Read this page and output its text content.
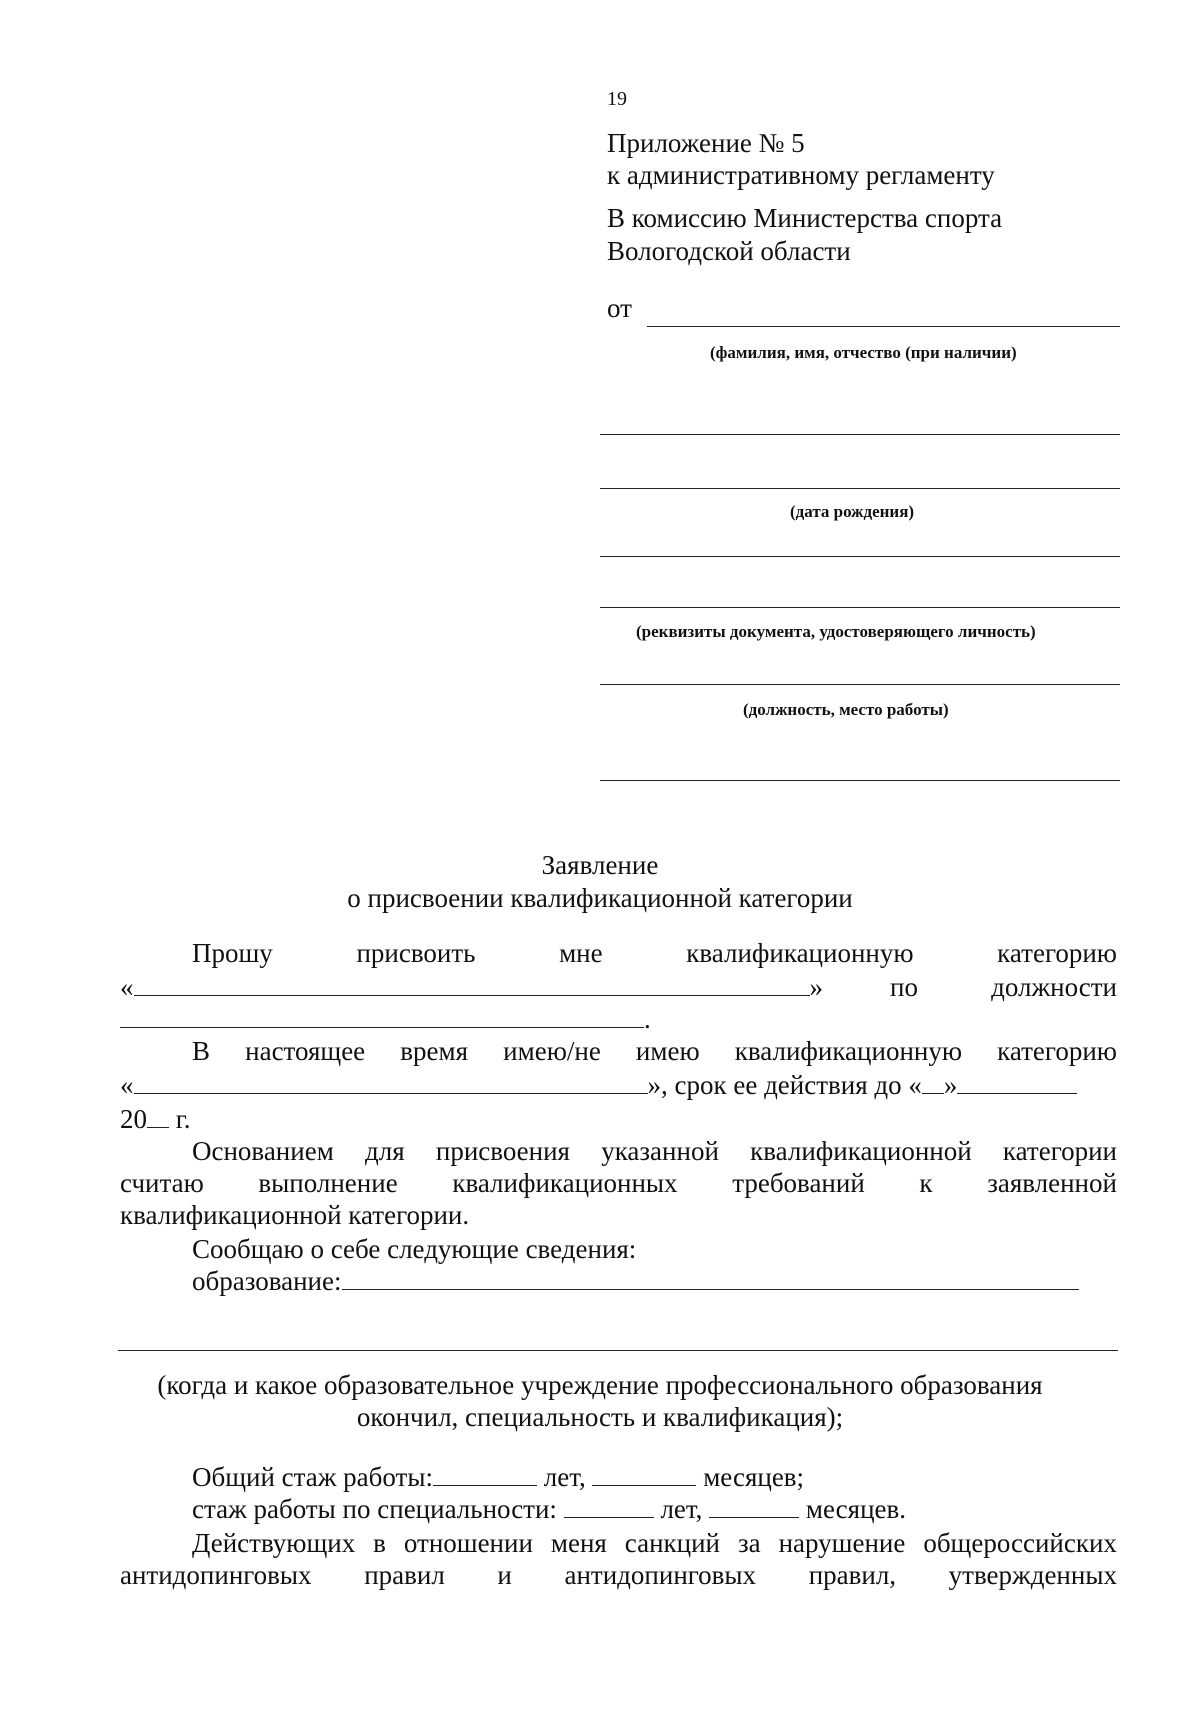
19
Приложение № 5
к административному регламенту
В комиссию Министерства спорта
Вологодской области
от
(фамилия, имя, отчество (при наличии)
(дата рождения)
(реквизиты документа, удостоверяющего личность)
(должность, место работы)
Заявление
о присвоении квалификационной категории
Прошу	присвоить	мне	квалификационную	категорию
«	» по	должности
.
В настоящее время имею/не имею квалификационную категорию
«	», срок ее действия до « »
20 г.
Основанием для присвоения указанной квалификационной категории
считаю выполнение квалификационных требований к заявленной
квалификационной категории.
Сообщаю о себе следующие сведения:
образование:
(когда и какое образовательное учреждение профессионального образования
окончил, специальность и квалификация);
Общий стаж работы:	лет,	месяцев;
стаж работы по специальности:	лет,	месяцев.
Действующих в отношении меня санкций за нарушение общероссийских
антидопинговых правил и антидопинговых правил, утвержденных
